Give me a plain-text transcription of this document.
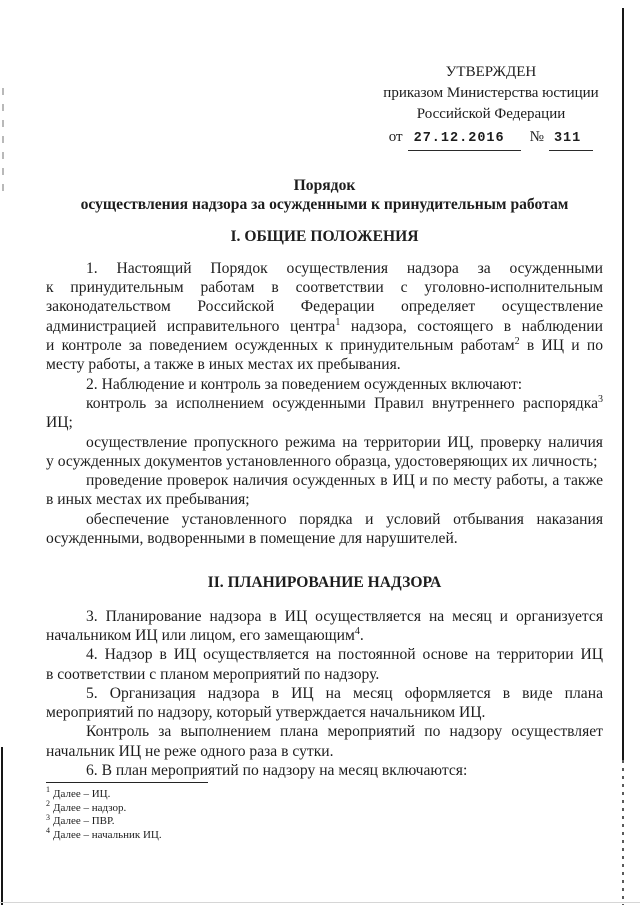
УТВЕРЖДЕН
приказом Министерства юстиции
Российской Федерации
от 27.12.2016	№ 311
Порядок
осуществления надзора за осужденными к принудительным работам
I. ОБЩИЕ ПОЛОЖЕНИЯ

1. Настоящий Порядок осуществления надзора за осужденными к принудительным работам в соответствии с уголовно-исполнительным законодательством Российской Федерации определяет осуществление администрацией исправительного центра$^1$ надзора, состоящего в наблюдении и контроле за поведением осужденных к принудительным работам$^2$ в ИЦ и по месту работы, а также в иных местах их пребывания.

2. Наблюдение и контроль за поведением осужденных включают:

контроль за исполнением осужденными Правил внутреннего распорядка$^3$ ИЦ;

осуществление пропускного режима на территории ИЦ, проверку наличия у осужденных документов установленного образца, удостоверяющих их личность;

проведение проверок наличия осужденных в ИЦ и по месту работы, а также в иных местах их пребывания;

обеспечение установленного порядка и условий отбывания наказания осужденными, водворенными в помещение для нарушителей.

II. ПЛАНИРОВАНИЕ НАДЗОРА

3. Планирование надзора в ИЦ осуществляется на месяц и организуется начальником ИЦ или лицом, его замещающим$^4$.

4. Надзор в ИЦ осуществляется на постоянной основе на территории ИЦ в соответствии с планом мероприятий по надзору.

5. Организация надзора в ИЦ на месяц оформляется в виде плана мероприятий по надзору, который утверждается начальником ИЦ.

Контроль за выполнением плана мероприятий по надзору осуществляет начальник ИЦ не реже одного раза в сутки.

6. В план мероприятий по надзору на месяц включаются:

$^1$ Далее – ИЦ.
$^2$ Далее – надзор.
$^3$ Далее – ПВР.
$^4$ Далее – начальник ИЦ.
